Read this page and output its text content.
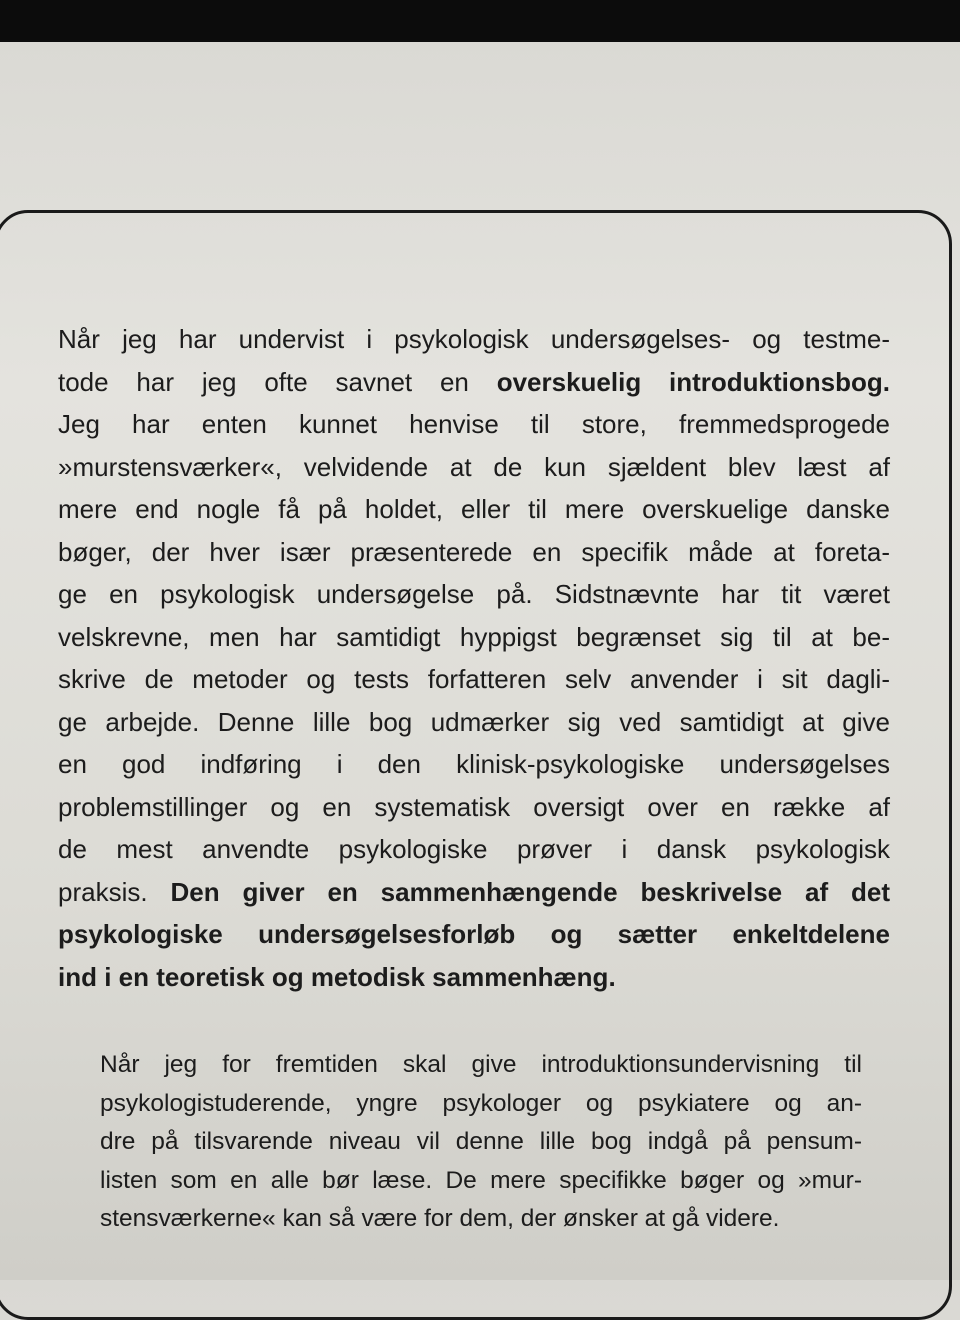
Når jeg har undervist i psykologisk undersøgelses- og testme-
tode har jeg ofte savnet en overskuelig introduktionsbog.
Jeg har enten kunnet henvise til store, fremmedsprogede
»murstensværker«, velvidende at de kun sjældent blev læst af
mere end nogle få på holdet, eller til mere overskuelige danske
bøger, der hver især præsenterede en specifik måde at foreta-
ge en psykologisk undersøgelse på. Sidstnævnte har tit været
velskrevne, men har samtidigt hyppigst begrænset sig til at be-
skrive de metoder og tests forfatteren selv anvender i sit dagli-
ge arbejde. Denne lille bog udmærker sig ved samtidigt at give
en god indføring i den klinisk-psykologiske undersøgelses
problemstillinger og en systematisk oversigt over en række af
de mest anvendte psykologiske prøver i dansk psykologisk
praksis. Den giver en sammenhængende beskrivelse af det
psykologiske undersøgelsesforløb og sætter enkeltdelene
ind i en teoretisk og metodisk sammenhæng.
Når jeg for fremtiden skal give introduktionsundervisning til
psykologistuderende, yngre psykologer og psykiatere og an-
dre på tilsvarende niveau vil denne lille bog indgå på pensum-
listen som en alle bør læse. De mere specifikke bøger og »mur-
stensværkerne« kan så være for dem, der ønsker at gå videre.
